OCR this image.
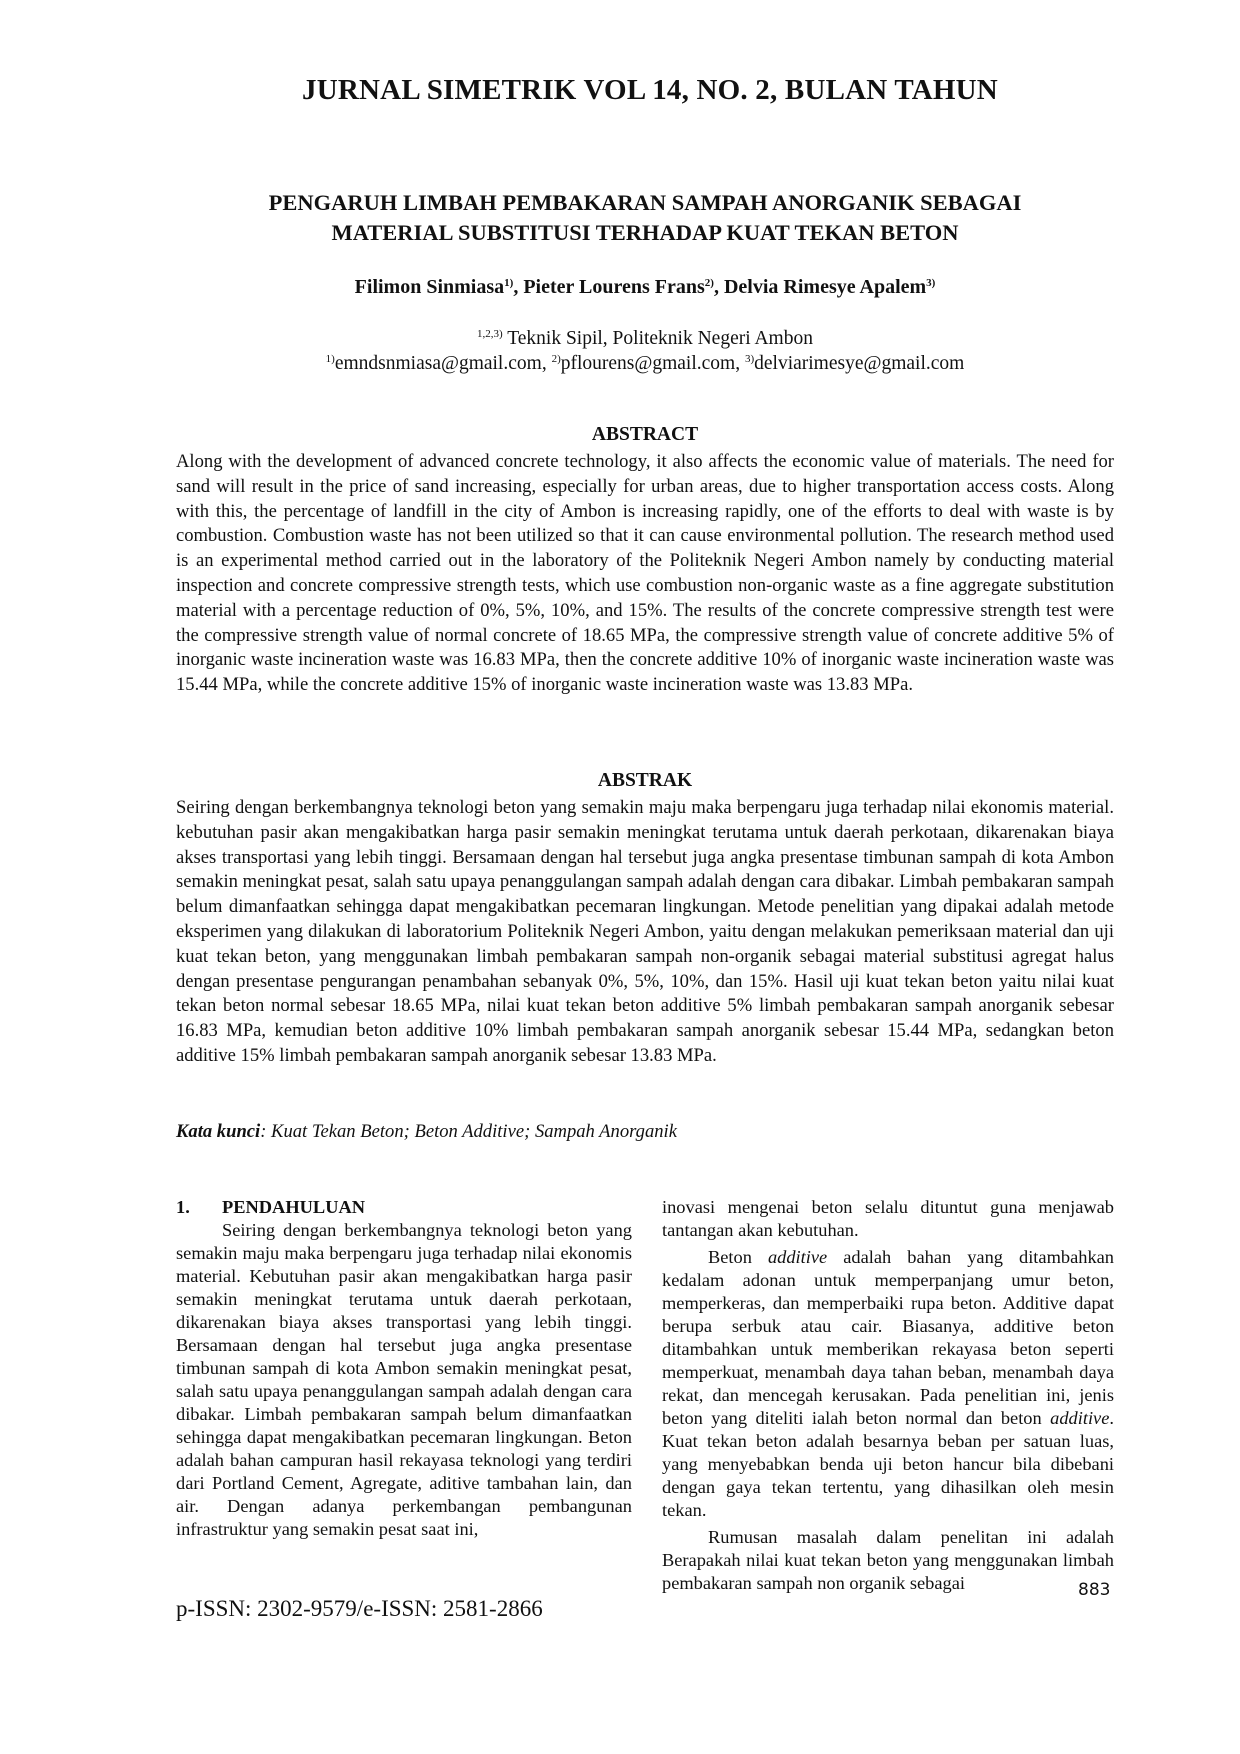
JURNAL SIMETRIK VOL 14, NO. 2, BULAN TAHUN
PENGARUH LIMBAH PEMBAKARAN SAMPAH ANORGANIK SEBAGAI
MATERIAL SUBSTITUSI TERHADAP KUAT TEKAN BETON
Filimon Sinmiasa$^{1)}$, Pieter Lourens Frans$^{2)}$, Delvia Rimesye Apalem$^{3)}$
$^{1,2,3)}$ Teknik Sipil, Politeknik Negeri Ambon
$^{1)}$emndsnmiasa@gmail.com, $^{2)}$pflourens@gmail.com, $^{3)}$delviarimesye@gmail.com
ABSTRACT
Along with the development of advanced concrete technology, it also affects the economic value of materials. The need for sand will result in the price of sand increasing, especially for urban areas, due to higher transportation access costs. Along with this, the percentage of landfill in the city of Ambon is increasing rapidly, one of the efforts to deal with waste is by combustion. Combustion waste has not been utilized so that it can cause environmental pollution. The research method used is an experimental method carried out in the laboratory of the Politeknik Negeri Ambon namely by conducting material inspection and concrete compressive strength tests, which use combustion non-organic waste as a fine aggregate substitution material with a percentage reduction of 0%, 5%, 10%, and 15%. The results of the concrete compressive strength test were the compressive strength value of normal concrete of 18.65 MPa, the compressive strength value of concrete additive 5% of inorganic waste incineration waste was 16.83 MPa, then the concrete additive 10% of inorganic waste incineration waste was 15.44 MPa, while the concrete additive 15% of inorganic waste incineration waste was 13.83 MPa.
ABSTRAK
Seiring dengan berkembangnya teknologi beton yang semakin maju maka berpengaru juga terhadap nilai ekonomis material. kebutuhan pasir akan mengakibatkan harga pasir semakin meningkat terutama untuk daerah perkotaan, dikarenakan biaya akses transportasi yang lebih tinggi. Bersamaan dengan hal tersebut juga angka presentase timbunan sampah di kota Ambon semakin meningkat pesat, salah satu upaya penanggulangan sampah adalah dengan cara dibakar. Limbah pembakaran sampah belum dimanfaatkan sehingga dapat mengakibatkan pecemaran lingkungan. Metode penelitian yang dipakai adalah metode eksperimen yang dilakukan di laboratorium Politeknik Negeri Ambon, yaitu dengan melakukan pemeriksaan material dan uji kuat tekan beton, yang menggunakan limbah pembakaran sampah non-organik sebagai material substitusi agregat halus dengan presentase pengurangan penambahan sebanyak 0%, 5%, 10%, dan 15%. Hasil uji kuat tekan beton yaitu nilai kuat tekan beton normal sebesar 18.65 MPa, nilai kuat tekan beton additive 5% limbah pembakaran sampah anorganik sebesar 16.83 MPa, kemudian beton additive 10% limbah pembakaran sampah anorganik sebesar 15.44 MPa, sedangkan beton additive 15% limbah pembakaran sampah anorganik sebesar 13.83 MPa.
Kata kunci: Kuat Tekan Beton; Beton Additive; Sampah Anorganik
1. PENDAHULUAN

Seiring dengan berkembangnya teknologi beton yang semakin maju maka berpengaru juga terhadap nilai ekonomis material. Kebutuhan pasir akan mengakibatkan harga pasir semakin meningkat terutama untuk daerah perkotaan, dikarenakan biaya akses transportasi yang lebih tinggi. Bersamaan dengan hal tersebut juga angka presentase timbunan sampah di kota Ambon semakin meningkat pesat, salah satu upaya penanggulangan sampah adalah dengan cara dibakar. Limbah pembakaran sampah belum dimanfaatkan sehingga dapat mengakibatkan pecemaran lingkungan. Beton adalah bahan campuran hasil rekayasa teknologi yang terdiri dari Portland Cement, Agregate, aditive tambahan lain, dan air. Dengan adanya perkembangan pembangunan infrastruktur yang semakin pesat saat ini,

inovasi mengenai beton selalu dituntut guna menjawab tantangan akan kebutuhan.

Beton additive adalah bahan yang ditambahkan kedalam adonan untuk memperpanjang umur beton, memperkeras, dan memperbaiki rupa beton. Additive dapat berupa serbuk atau cair. Biasanya, additive beton ditambahkan untuk memberikan rekayasa beton seperti memperkuat, menambah daya tahan beban, menambah daya rekat, dan mencegah kerusakan. Pada penelitian ini, jenis beton yang diteliti ialah beton normal dan beton additive. Kuat tekan beton adalah besarnya beban per satuan luas, yang menyebabkan benda uji beton hancur bila dibebani dengan gaya tekan tertentu, yang dihasilkan oleh mesin tekan.

Rumusan masalah dalam penelitan ini adalah Berapakah nilai kuat tekan beton yang menggunakan limbah pembakaran sampah non organik sebagai	883
p-ISSN: 2302-9579/e-ISSN: 2581-2866
